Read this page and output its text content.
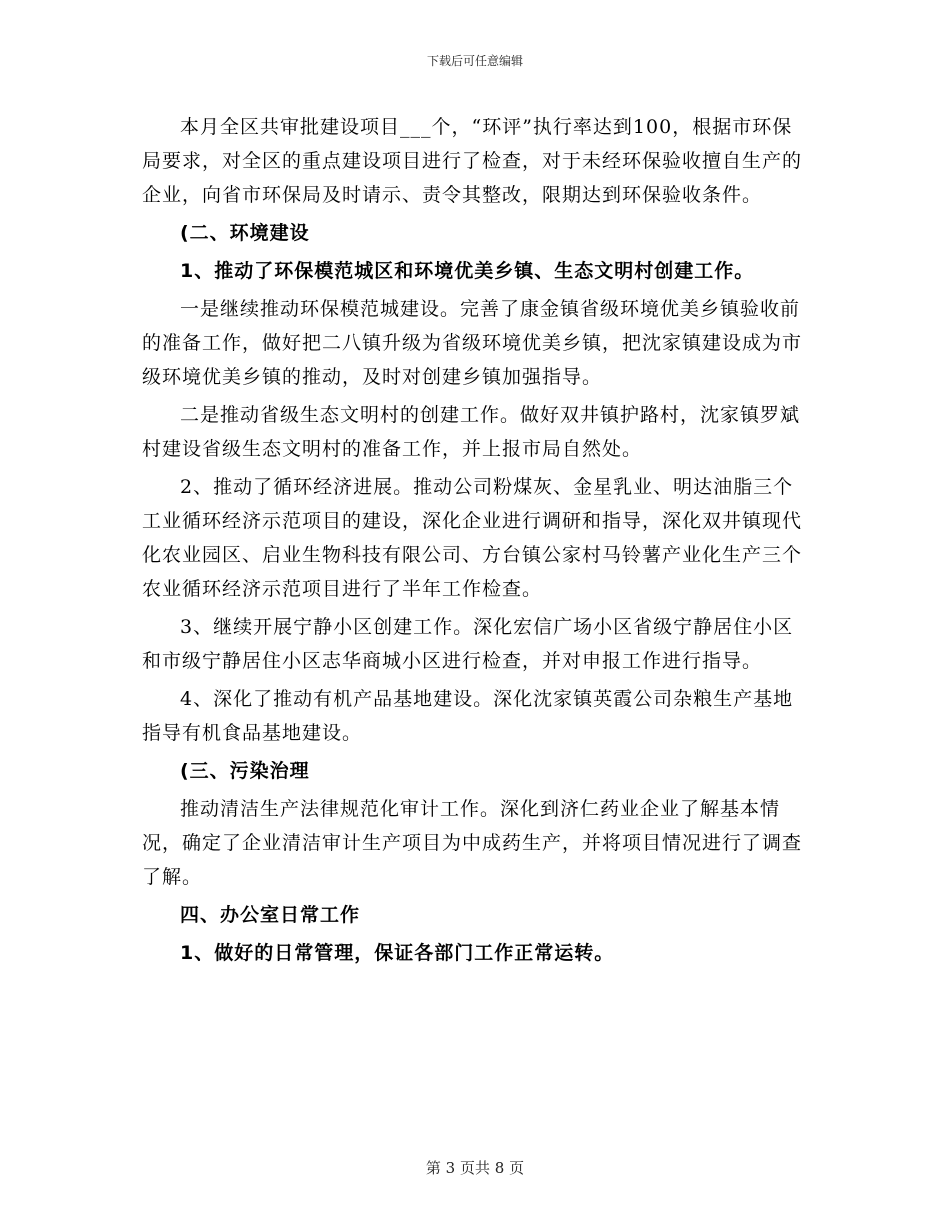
下载后可任意编辑

本月全区共审批建设项目___个，“环评”执行率达到100，根据市环保局要求，对全区的重点建设项目进行了检查，对于未经环保验收擅自生产的企业，向省市环保局及时请示、责令其整改，限期达到环保验收条件。

(二、环境建设

1、推动了环保模范城区和环境优美乡镇、生态文明村创建工作。

一是继续推动环保模范城建设。完善了康金镇省级环境优美乡镇验收前的准备工作，做好把二八镇升级为省级环境优美乡镇，把沈家镇建设成为市级环境优美乡镇的推动，及时对创建乡镇加强指导。

二是推动省级生态文明村的创建工作。做好双井镇护路村，沈家镇罗斌村建设省级生态文明村的准备工作，并上报市局自然处。

2、推动了循环经济进展。推动公司粉煤灰、金星乳业、明达油脂三个工业循环经济示范项目的建设，深化企业进行调研和指导，深化双井镇现代化农业园区、启业生物科技有限公司、方台镇公家村马铃薯产业化生产三个农业循环经济示范项目进行了半年工作检查。

3、继续开展宁静小区创建工作。深化宏信广场小区省级宁静居住小区和市级宁静居住小区志华商城小区进行检查，并对申报工作进行指导。

4、深化了推动有机产品基地建设。深化沈家镇英霞公司杂粮生产基地指导有机食品基地建设。

(三、污染治理

推动清洁生产法律规范化审计工作。深化到济仁药业企业了解基本情况，确定了企业清洁审计生产项目为中成药生产，并将项目情况进行了调查了解。

四、办公室日常工作

1、做好的日常管理，保证各部门工作正常运转。

第 3 页共 8 页
